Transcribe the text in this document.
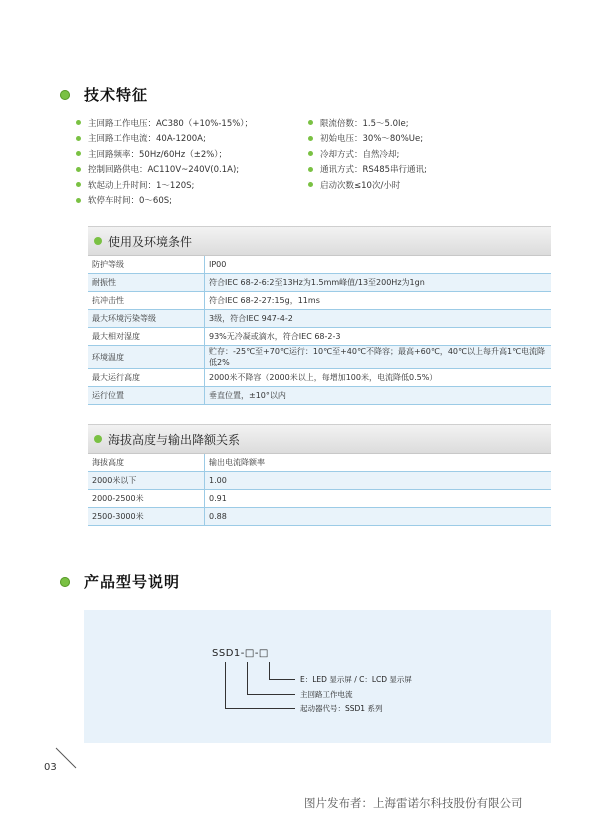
技术特征
主回路工作电压：AC380（+10%-15%）；
主回路工作电流：40A-1200A;
主回路频率：50Hz/60Hz（±2%）；
控制回路供电：AC110V~240V(0.1A);
软起动上升时间：1～120S;
软停车时间：0～60S;
限流倍数：1.5～5.0Ie;
初始电压：30%～80%Ue;
冷却方式：自然冷却;
通讯方式：RS485串行通讯;
启动次数≤10次/小时
使用及环境条件
防护等级	IP00
耐振性	符合IEC 68-2-6:2至13Hz为1.5mm峰值/13至200Hz为1gn
抗冲击性	符合IEC 68-2-27:15g，11ms
最大环境污染等级	3级，符合IEC 947-4-2
最大相对湿度	93%无冷凝或滴水，符合IEC 68-2-3
环境温度	贮存：-25℃至+70℃运行：10℃至+40℃不降容；最高+60℃，40℃以上每升高1℃电流降低2%
最大运行高度	2000米不降容（2000米以上，每增加100米，电流降低0.5%）
运行位置	垂直位置，±10°以内
海拔高度与输出降额关系
海拔高度	输出电流降额率
2000米以下	1.00
2000-2500米	0.91
2500-3000米	0.88
产品型号说明
SSD1-□-□
E：LED 显示屏 / C：LCD 显示屏
主回路工作电流
起动器代号：SSD1 系列
03
图片发布者：上海雷诺尔科技股份有限公司
